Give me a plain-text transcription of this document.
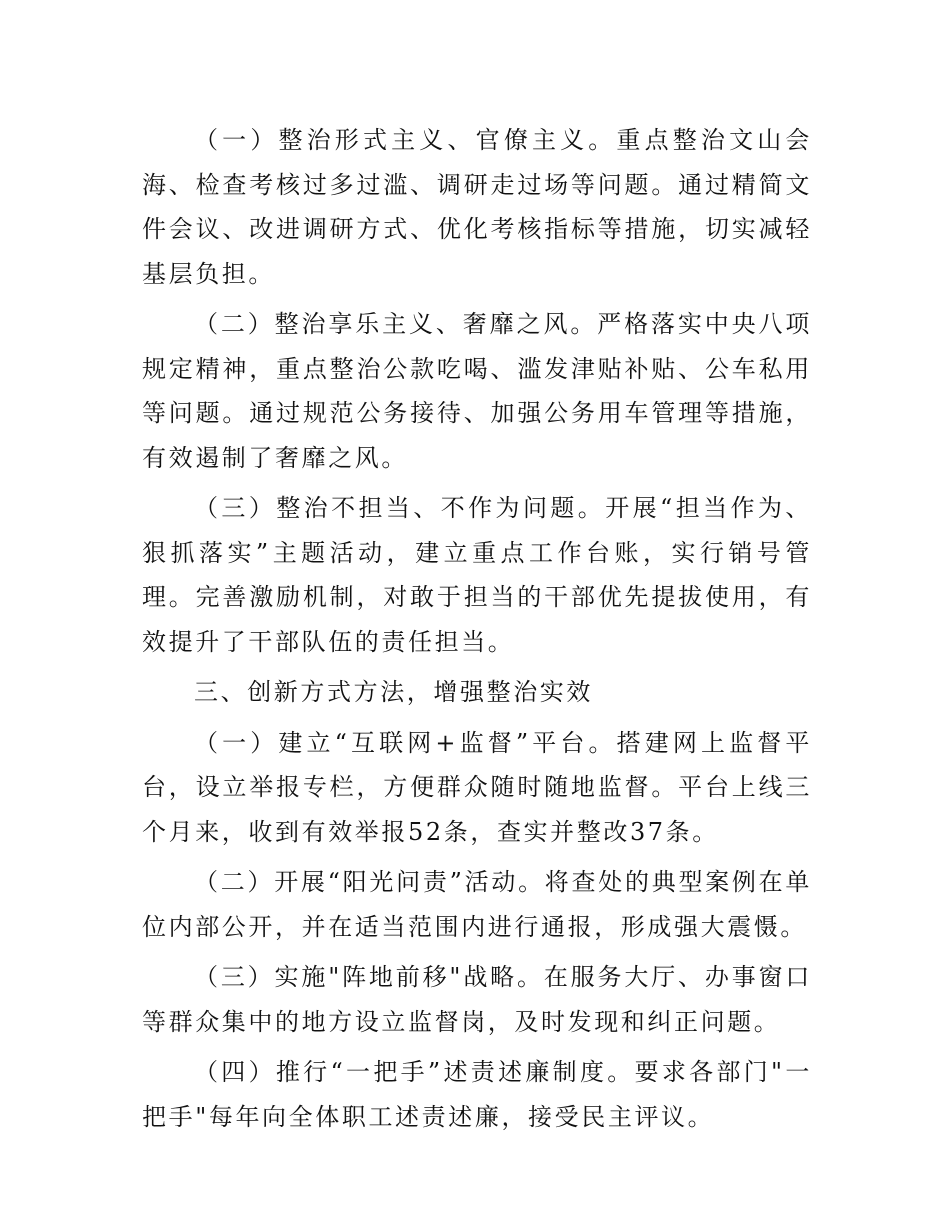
（一）整治形式主义、官僚主义。重点整治文山会海、检查考核过多过滥、调研走过场等问题。通过精简文件会议、改进调研方式、优化考核指标等措施，切实减轻基层负担。

（二）整治享乐主义、奢靡之风。严格落实中央八项规定精神，重点整治公款吃喝、滥发津贴补贴、公车私用等问题。通过规范公务接待、加强公务用车管理等措施，有效遏制了奢靡之风。

（三）整治不担当、不作为问题。开展“担当作为、狠抓落实”主题活动，建立重点工作台账，实行销号管理。完善激励机制，对敢于担当的干部优先提拔使用，有效提升了干部队伍的责任担当。

三、创新方式方法，增强整治实效

（一）建立“互联网+监督”平台。搭建网上监督平台，设立举报专栏，方便群众随时随地监督。平台上线三个月来，收到有效举报52条，查实并整改37条。

（二）开展“阳光问责”活动。将查处的典型案例在单位内部公开，并在适当范围内进行通报，形成强大震慑。

（三）实施"阵地前移"战略。在服务大厅、办事窗口等群众集中的地方设立监督岗，及时发现和纠正问题。

（四）推行“一把手”述责述廉制度。要求各部门"一把手"每年向全体职工述责述廉，接受民主评议。
